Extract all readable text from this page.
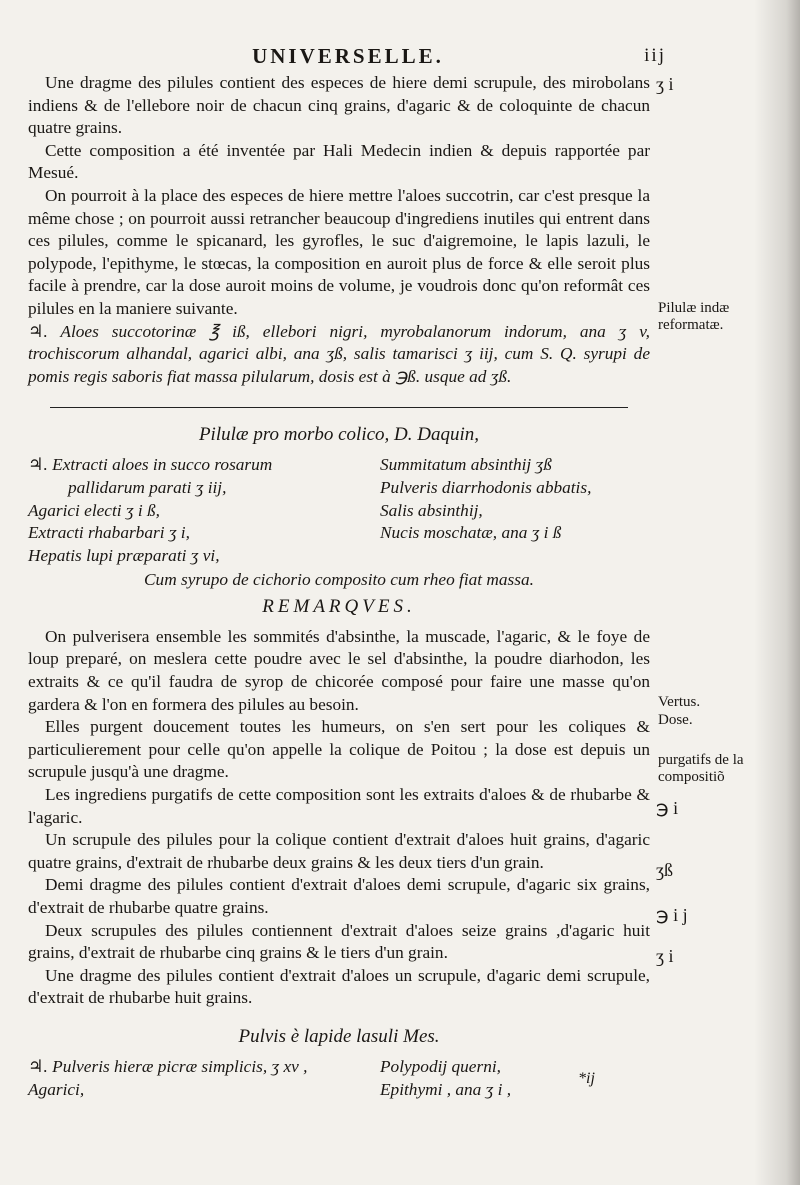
UNIVERSELLE.	iij

Une dragme des pilules contient des especes de hiere demi scrupule, des mirobolans indiens & de l'ellebore noir de chacun cinq grains, d'agaric & de coloquinte de chacun quatre grains.

Cette composition a été inventée par Hali Medecin indien & depuis rapportée par Mesué.

On pourroit à la place des especes de hiere mettre l'aloes succotrin, car c'est presque la même chose ; on pourroit aussi retrancher beaucoup d'ingrediens inutiles qui entrent dans ces pilules, comme le spicanard, les gyrofles, le suc d'aigremoine, le lapis lazuli, le polypode, l'epithyme, le stœcas, la composition en auroit plus de force & elle seroit plus facile à prendre, car la dose auroit moins de volume, je voudrois donc qu'on reformât ces pilules en la maniere suivante.

♃. Aloes succotorinæ ℥ iß, ellebori nigri, myrobalanorum indorum, ana ʒ v, trochiscorum alhandal, agarici albi, ana ʒß, salis tamarisci ʒ iij, cum S. Q. syrupi de pomis regis saboris fiat massa pilularum, dosis est à ℈ß. usque ad ʒß.

Pilulæ pro morbo colico, D. Daquin,
♃. Extracti aloes in succo rosarum
pallidarum parati ʒ iij,
Agarici electi ʒ i ß,
Extracti rhabarbari ʒ i,
Hepatis lupi præparati ʒ vi,
Summitatum absinthij ʒß
Pulveris diarrhodonis abbatis,
Salis absinthij,
Nucis moschatæ, ana ʒ i ß
Cum syrupo de cichorio composito cum rheo fiat massa.
REMARQVES.

On pulverisera ensemble les sommités d'absinthe, la muscade, l'agaric, & le foye de loup preparé, on meslera cette poudre avec le sel d'absinthe, la poudre diarhodon, les extraits & ce qu'il faudra de syrop de chicorée composé pour faire une masse qu'on gardera & l'on en formera des pilules au besoin.

Elles purgent doucement toutes les humeurs, on s'en sert pour les coliques & particulierement pour celle qu'on appelle la colique de Poitou ; la dose est depuis un scrupule jusqu'à une dragme.

Les ingrediens purgatifs de cette composition sont les extraits d'aloes & de rhubarbe & l'agaric.

Un scrupule des pilules pour la colique contient d'extrait d'aloes huit grains, d'agaric quatre grains, d'extrait de rhubarbe deux grains & les deux tiers d'un grain.

Demi dragme des pilules contient d'extrait d'aloes demi scrupule, d'agaric six grains, d'extrait de rhubarbe quatre grains.

Deux scrupules des pilules contiennent d'extrait d'aloes seize grains ,d'agaric huit grains, d'extrait de rhubarbe cinq grains & le tiers d'un grain.

Une dragme des pilules contient d'extrait d'aloes un scrupule, d'agaric demi scrupule, d'extrait de rhubarbe huit grains.

Pulvis è lapide lasuli Mes.
♃. Pulveris hieræ picræ simplicis, ʒ xv ,
Agarici,
Polypodij querni,
Epithymi , ana ʒ i ,
ʒ i
Pilulæ indæ reformatæ.
Vertus.
Dose.
purgatifs de la compositiõ
℈ i
ʒß
℈ i j
ʒ i
*ij
